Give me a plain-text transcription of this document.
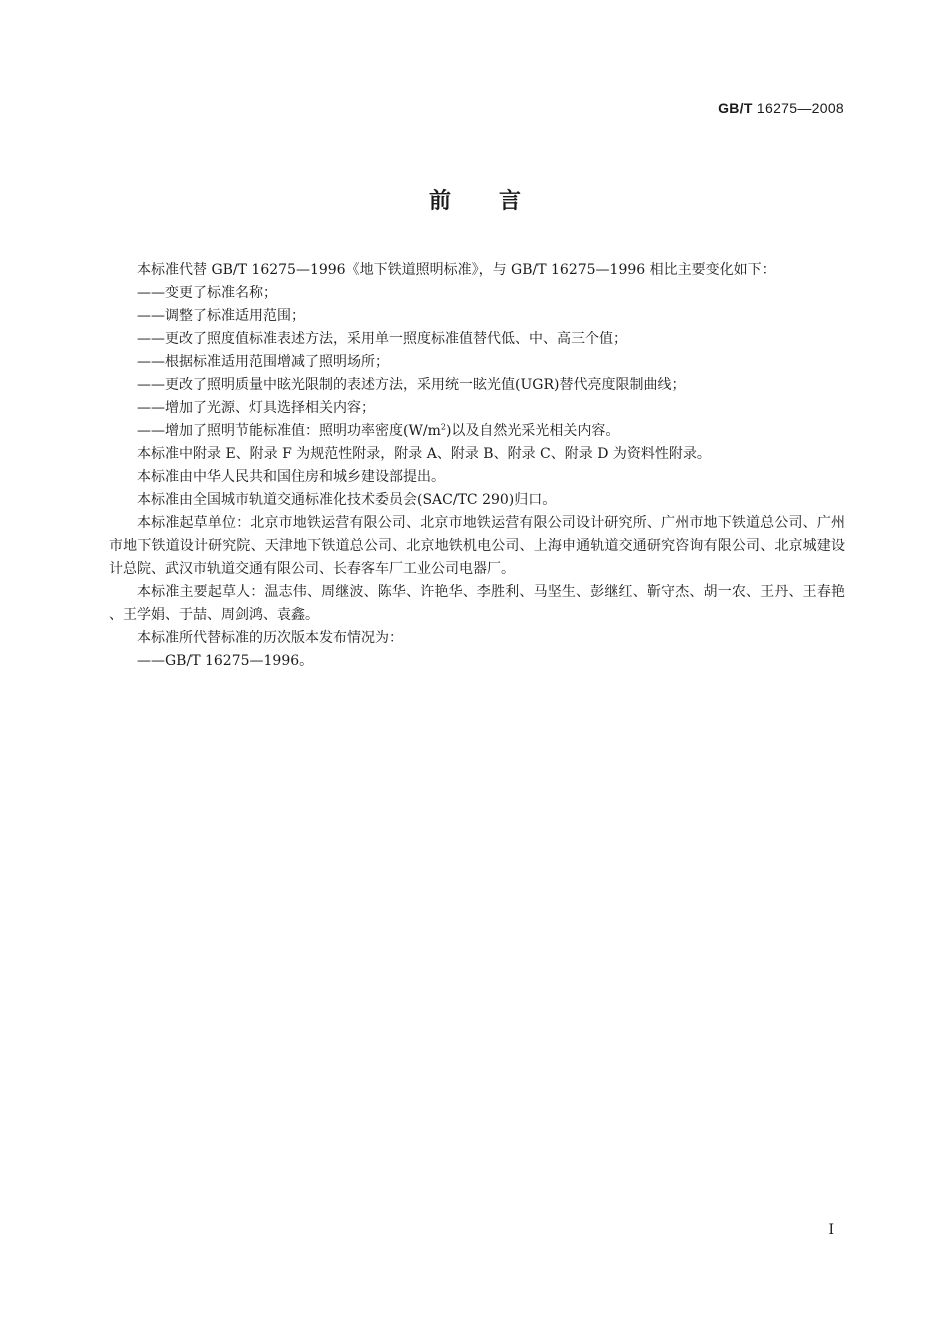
GB/T 16275—2008
前言

本标准代替 GB/T 16275—1996《地下铁道照明标准》，与 GB/T 16275—1996 相比主要变化如下：

——变更了标准名称；

——调整了标准适用范围；

——更改了照度值标准表述方法，采用单一照度标准值替代低、中、高三个值；

——根据标准适用范围增减了照明场所；

——更改了照明质量中眩光限制的表述方法，采用统一眩光值(UGR)替代亮度限制曲线；

——增加了光源、灯具选择相关内容；

——增加了照明节能标准值：照明功率密度$(W/m^2)$以及自然光采光相关内容。

本标准中附录 E、附录 F 为规范性附录，附录 A、附录 B、附录 C、附录 D 为资料性附录。

本标准由中华人民共和国住房和城乡建设部提出。

本标准由全国城市轨道交通标准化技术委员会(SAC/TC 290)归口。

本标准起草单位：北京市地铁运营有限公司、北京市地铁运营有限公司设计研究所、广州市地下铁道总公司、广州市地下铁道设计研究院、天津地下铁道总公司、北京地铁机电公司、上海申通轨道交通研究咨询有限公司、北京城建设计总院、武汉市轨道交通有限公司、长春客车厂工业公司电器厂。

本标准主要起草人：温志伟、周继波、陈华、许艳华、李胜利、马坚生、彭继红、靳守杰、胡一农、王丹、王春艳 、王学娟、于喆、周剑鸿、袁鑫。

本标准所代替标准的历次版本发布情况为：

——GB/T 16275—1996。

I
